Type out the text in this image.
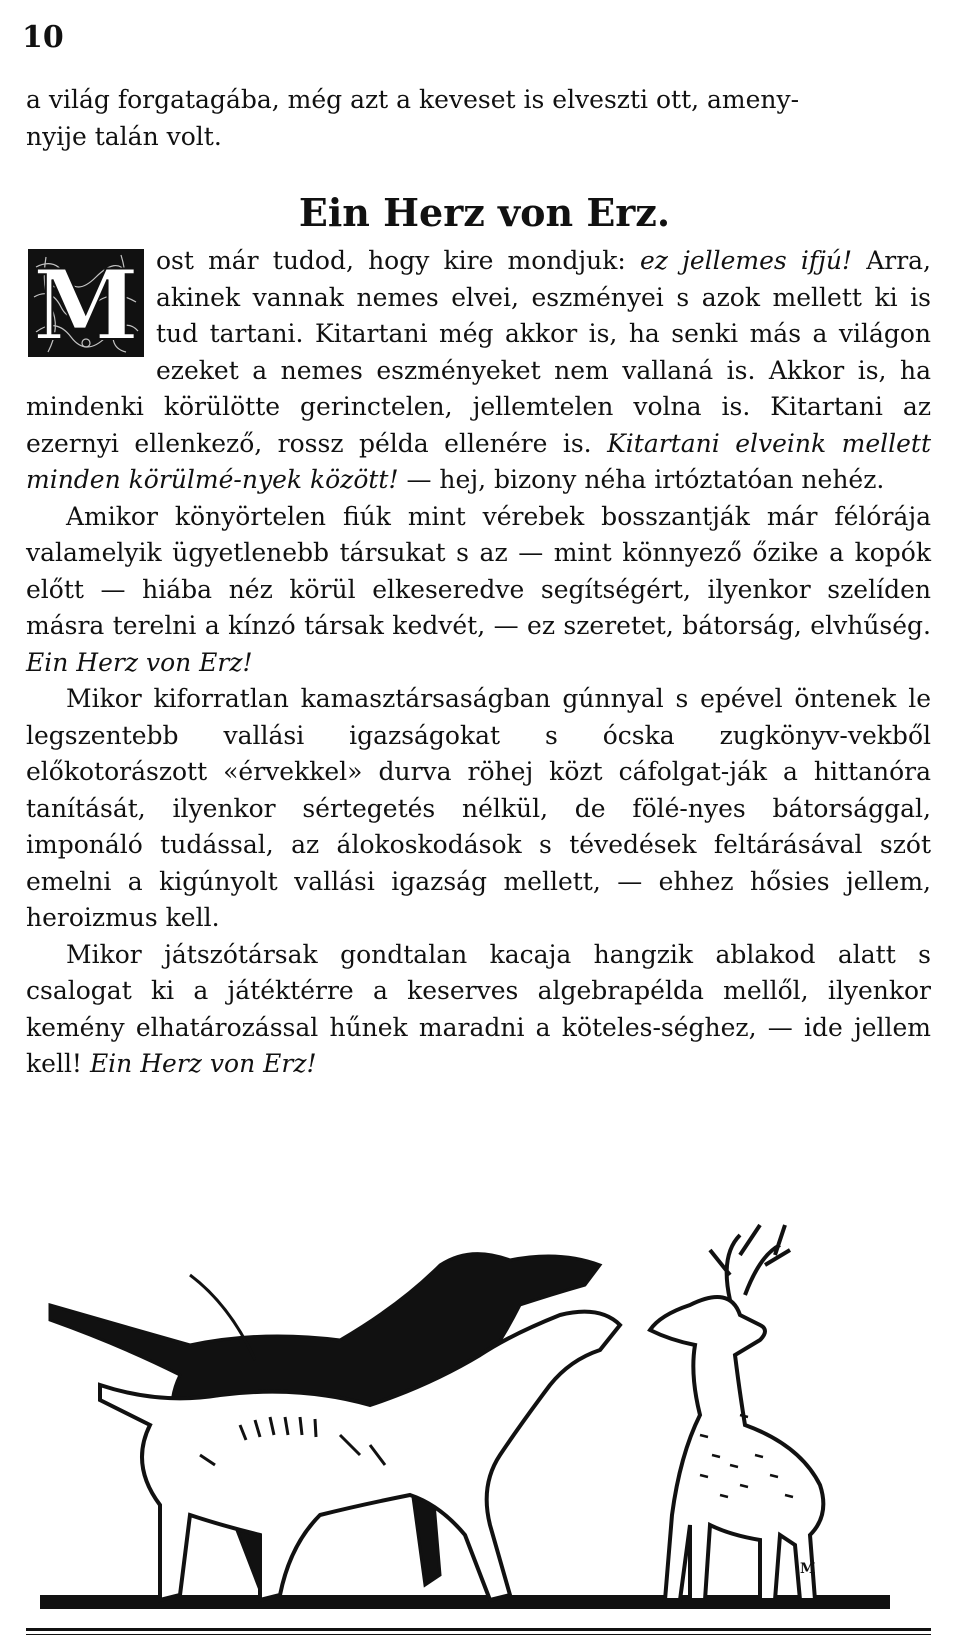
10

a világ forgatagába, még azt a keveset is elveszti ott, ameny-

nyije talán volt.

Ein Herz von Erz.
M ost már tudod, hogy kire mondjuk: ez jellemes ifjú! Arra, akinek vannak nemes elvei, eszményei s azok mellett ki is tud tartani. Kitartani még akkor is, ha senki más a világon ezeket a nemes eszményeket nem vallaná is. Akkor is, ha mindenki körülötte gerinctelen, jellemtelen volna is. Kitartani az ezernyi ellenkező, rossz példa ellenére is. Kitartani elveink mellett minden körülmé-nyek között! — hej, bizony néha irtóztatóan nehéz.

Amikor könyörtelen fiúk mint vérebek bosszantják már félórája valamelyik ügyetlenebb társukat s az — mint könnyező őzike a kopók előtt — hiába néz körül elkeseredve segítségért, ilyenkor szelíden másra terelni a kínzó társak kedvét, — ez szeretet, bátorság, elvhűség. Ein Herz von Erz!

Mikor kiforratlan kamasztársaságban gúnnyal s epével öntenek le legszentebb vallási igazságokat s ócska zugkönyv-vekből előkotorászott «érvekkel» durva röhej közt cáfolgat-ják a hittanóra tanítását, ilyenkor sértegetés nélkül, de fölé-nyes bátorsággal, imponáló tudással, az álokoskodások s tévedések feltárásával szót emelni a kigúnyolt vallási igazság mellett, — ehhez hősies jellem, heroizmus kell.

Mikor játszótársak gondtalan kacaja hangzik ablakod alatt s csalogat ki a játéktérre a keserves algebrapélda mellől, ilyenkor kemény elhatározással hűnek maradni a köteles-séghez, — ide jellem kell! Ein Herz von Erz!

M
